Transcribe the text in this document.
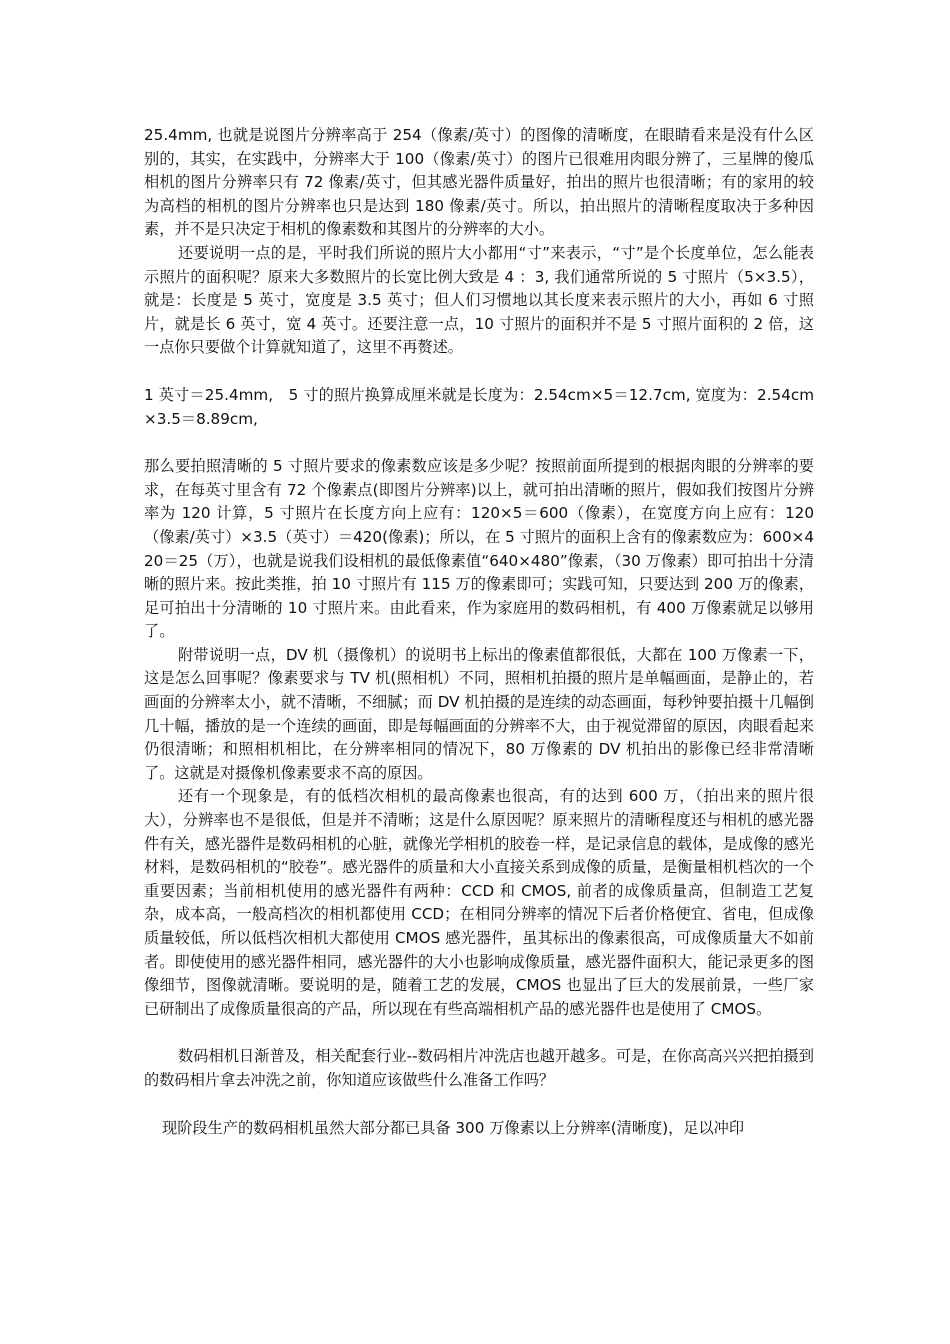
25.4mm, 也就是说图片分辨率高于 254（像素/英寸）的图像的清晰度，在眼睛看来是没有什么区别的，其实，在实践中，分辨率大于 100（像素/英寸）的图片已很难用肉眼分辨了，三星牌的傻瓜相机的图片分辨率只有 72 像素/英寸，但其感光器件质量好，拍出的照片也很清晰；有的家用的较为高档的相机的图片分辨率也只是达到 180 像素/英寸。所以，拍出照片的清晰程度取决于多种因素，并不是只决定于相机的像素数和其图片的分辨率的大小。

还要说明一点的是，平时我们所说的照片大小都用“寸”来表示，“寸”是个长度单位，怎么能表示照片的面积呢？原来大多数照片的长宽比例大致是 4 ：3, 我们通常所说的 5 寸照片（5×3.5），就是：长度是 5 英寸，宽度是 3.5 英寸；但人们习惯地以其长度来表示照片的大小，再如 6 寸照片，就是长 6 英寸，宽 4 英寸。还要注意一点，10 寸照片的面积并不是 5 寸照片面积的 2 倍，这一点你只要做个计算就知道了，这里不再赘述。

1 英寸＝25.4mm,　5 寸的照片换算成厘米就是长度为：2.54cm×5＝12.7cm, 宽度为：2.54cm×3.5＝8.89cm,

那么要拍照清晰的 5 寸照片要求的像素数应该是多少呢？按照前面所提到的根据肉眼的分辨率的要求，在每英寸里含有 72 个像素点(即图片分辨率)以上，就可拍出清晰的照片，假如我们按图片分辨率为 120 计算，5 寸照片在长度方向上应有：120×5＝600（像素），在宽度方向上应有：120（像素/英寸）×3.5（英寸）＝420(像素)；所以，在 5 寸照片的面积上含有的像素数应为：600×420＝25（万），也就是说我们设相机的最低像素值“640×480”像素，（30 万像素）即可拍出十分清晰的照片来。按此类推，拍 10 寸照片有 115 万的像素即可；实践可知，只要达到 200 万的像素，足可拍出十分清晰的 10 寸照片来。由此看来，作为家庭用的数码相机，有 400 万像素就足以够用了。

附带说明一点，DV 机（摄像机）的说明书上标出的像素值都很低，大都在 100 万像素一下，这是怎么回事呢？像素要求与 TV 机(照相机）不同，照相机拍摄的照片是单幅画面，是静止的，若画面的分辨率太小，就不清晰，不细腻；而 DV 机拍摄的是连续的动态画面，每秒钟要拍摄十几幅倒几十幅，播放的是一个连续的画面，即是每幅画面的分辨率不大，由于视觉滞留的原因，肉眼看起来仍很清晰；和照相机相比，在分辨率相同的情况下，80 万像素的 DV 机拍出的影像已经非常清晰了。这就是对摄像机像素要求不高的原因。

还有一个现象是，有的低档次相机的最高像素也很高，有的达到 600 万，（拍出来的照片很大），分辨率也不是很低，但是并不清晰；这是什么原因呢？原来照片的清晰程度还与相机的感光器件有关，感光器件是数码相机的心脏，就像光学相机的胶卷一样，是记录信息的载体，是成像的感光材料，是数码相机的“胶卷”。感光器件的质量和大小直接关系到成像的质量，是衡量相机档次的一个重要因素；当前相机使用的感光器件有两种：CCD 和 CMOS, 前者的成像质量高，但制造工艺复杂，成本高，一般高档次的相机都使用 CCD；在相同分辨率的情况下后者价格便宜、省电，但成像质量较低，所以低档次相机大都使用 CMOS 感光器件，虽其标出的像素很高，可成像质量大不如前者。即使使用的感光器件相同，感光器件的大小也影响成像质量，感光器件面积大，能记录更多的图像细节，图像就清晰。要说明的是，随着工艺的发展，CMOS 也显出了巨大的发展前景，一些厂家已研制出了成像质量很高的产品，所以现在有些高端相机产品的感光器件也是使用了 CMOS。

数码相机日渐普及，相关配套行业--数码相片冲洗店也越开越多。可是，在你高高兴兴把拍摄到的数码相片拿去冲洗之前，你知道应该做些什么准备工作吗？

现阶段生产的数码相机虽然大部分都已具备 300 万像素以上分辨率(清晰度)，足以冲印
